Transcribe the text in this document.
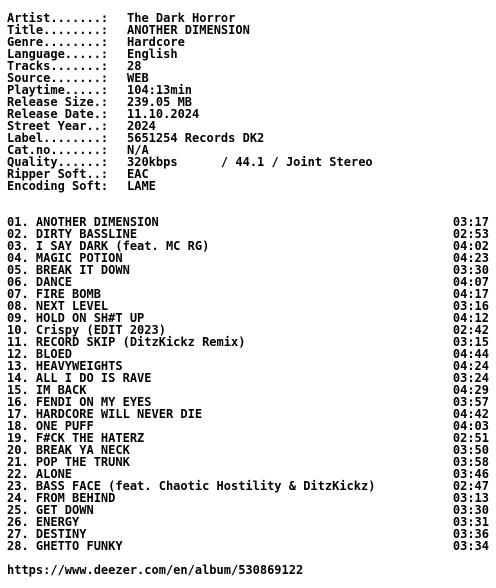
Artist.......: The Dark Horror
Title........: ANOTHER DIMENSION
Genre........: Hardcore
Language.....: English
Tracks.......: 28
Source.......: WEB
Playtime.....: 104:13min
Release Size.: 239.05 MB
Release Date.: 11.10.2024
Street Year..: 2024
Label........: 5651254 Records DK2
Cat.no.......: N/A
Quality......: 320kbps      / 44.1 / Joint Stereo
Ripper Soft..: EAC
Encoding Soft: LAME
01. ANOTHER DIMENSION	03:17
02. DIRTY BASSLINE	02:53
03. I SAY DARK (feat. MC RG)	04:02
04. MAGIC POTION	04:23
05. BREAK IT DOWN	03:30
06. DANCE	04:07
07. FIRE BOMB	04:17
08. NEXT LEVEL	03:16
09. HOLD ON SH#T UP	04:12
10. Crispy (EDIT 2023)	02:42
11. RECORD SKIP (DitzKickz Remix)	03:15
12. BLOED	04:44
13. HEAVYWEIGHTS	04:24
14. ALL I DO IS RAVE	03:24
15. IM BACK	04:29
16. FENDI ON MY EYES	03:57
17. HARDCORE WILL NEVER DIE	04:42
18. ONE PUFF	04:03
19. F#CK THE HATERZ	02:51
20. BREAK YA NECK	03:50
21. POP THE TRUNK	03:58
22. ALONE	03:46
23. BASS FACE (feat. Chaotic Hostility & DitzKickz)	02:47
24. FROM BEHIND	03:13
25. GET DOWN	03:30
26. ENERGY	03:31
27. DESTINY	03:36
28. GHETTO FUNKY	03:34
https://www.deezer.com/en/album/530869122
